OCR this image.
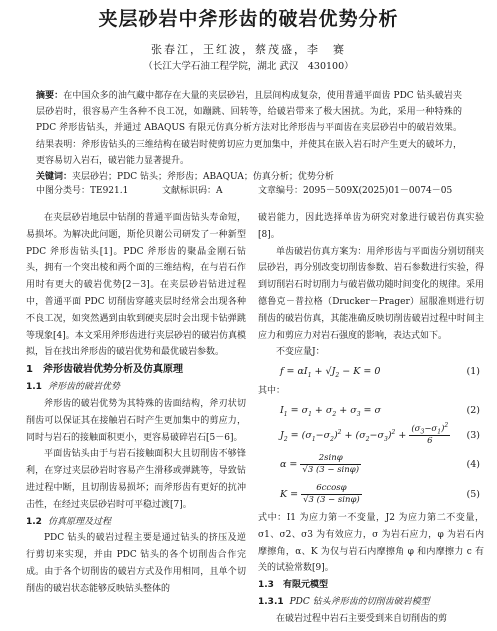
夹层砂岩中斧形齿的破岩优势分析
张春江，王红波，蔡茂盛，李　赛
（长江大学石油工程学院，湖北 武汉　430100）

摘要：在中国众多的油气藏中都存在大量的夹层砂岩，且层间构成复杂，使用普通平面齿 PDC 钻头破岩夹层砂岩时，很容易产生各种不良工况，如蹦跳、回转等，给破岩带来了极大困扰。为此，采用一种特殊的 PDC 斧形齿钻头，并通过 ABAQUS 有限元仿真分析方法对比斧形齿与平面齿在夹层砂岩中的破岩效果。结果表明：斧形齿钻头的三维结构在破岩时使剪切应力更加集中，并使其在嵌入岩石时产生更大的破坏力，更容易切入岩石，破岩能力显著提升。

关键词：夹层砂岩；PDC 钻头；斧形齿；ABAQUA；仿真分析；优势分析

中图分类号：TE921.1	文献标识码：A	文章编号：2095－509X(2025)01－0074－05

在夹层砂岩地层中钻削的普通平面齿钻头寿命短，易损坏。为解决此问题，斯伦贝谢公司研发了一种新型 PDC 斧形齿钻头[1]。PDC 斧形齿的聚晶金刚石钻头，拥有一个突出棱和两个面的三维结构，在与岩石作用时有更大的破岩优势[2－3]。在夹层砂岩钻进过程中，普通平面 PDC 切削齿穿越夹层时经常会出现各种不良工况，如突然遇到由软到硬夹层时会出现卡钻弹跳等现象[4]。本文采用斧形齿进行夹层砂岩的破岩仿真模拟，旨在找出斧形齿的破岩优势和最优破岩参数。

1　斧形齿破岩优势分析及仿真原理

1.1 斧形齿的破岩优势

斧形齿的破岩优势为其特殊的齿面结构，斧刃状切削齿可以保证其在接触岩石时产生更加集中的剪应力，同时与岩石的接触面积更小，更容易破碎岩石[5－6]。

平面齿钻头由于与岩石接触面积大且切削齿不够锋利，在穿过夹层砂岩时容易产生滑移或弹跳等，导致钻进过程中断，且切削齿易损坏；而斧形齿有更好的抗冲击性，在经过夹层砂岩时可平稳过渡[7]。

1.2 仿真原理及过程

PDC 钻头的破岩过程主要是通过钻头的挤压及逆行剪切来实现，并由 PDC 钻头的各个切削齿合作完成。由于各个切削齿的破岩方式及作用相同，且单个切削齿的破岩状态能够反映钻头整体的

破岩能力，因此选择单齿为研究对象进行破岩仿真实验[8]。

单齿破岩仿真方案为：用斧形齿与平面齿分别切削夹层砂岩，再分别改变切削齿参数、岩石参数进行实验，得到切削岩石时切削力与破岩做功随时间变化的规律。采用德鲁克－普拉格（Drucker－Prager）屈服准则进行切削齿的破岩仿真，其能准确反映切削齿破岩过程中时间主应力和剪应力对岩石强度的影响，表达式如下。

不变应量J：

$f = \alpha I_1 + √J_2 - K = 0$	(1)

其中：

$I_1 = \sigma_1 + \sigma_2 + \sigma_3 = \sigma$	(2)
$J_2 = (\sigma_1-\sigma_2)^2 + (\sigma_2-\sigma_3)^2 + \frac{(\sigma_3-\sigma_1)^2}{6} (3)$
$\alpha = \frac{2\sin\varphi}{√3 (3 - \sin\varphi)}$	(4)
$K = \frac{6ccos\varphi}{√3 (3 - \sin\varphi)}$	(5)

式中：I1 为应力第一不变量，J2 为应力第二不变量，σ1、σ2、σ3 为有效应力，σ 为岩石应力，φ 为岩石内摩擦角，α、K 为仅与岩石内摩擦角 φ 和内摩擦力 c 有关的试验常数[9]。

1.3　有限元模型

1.3.1 PDC 钻头斧形齿的切削齿破岩模型

在破岩过程中岩石主要受到来自切削齿的剪
